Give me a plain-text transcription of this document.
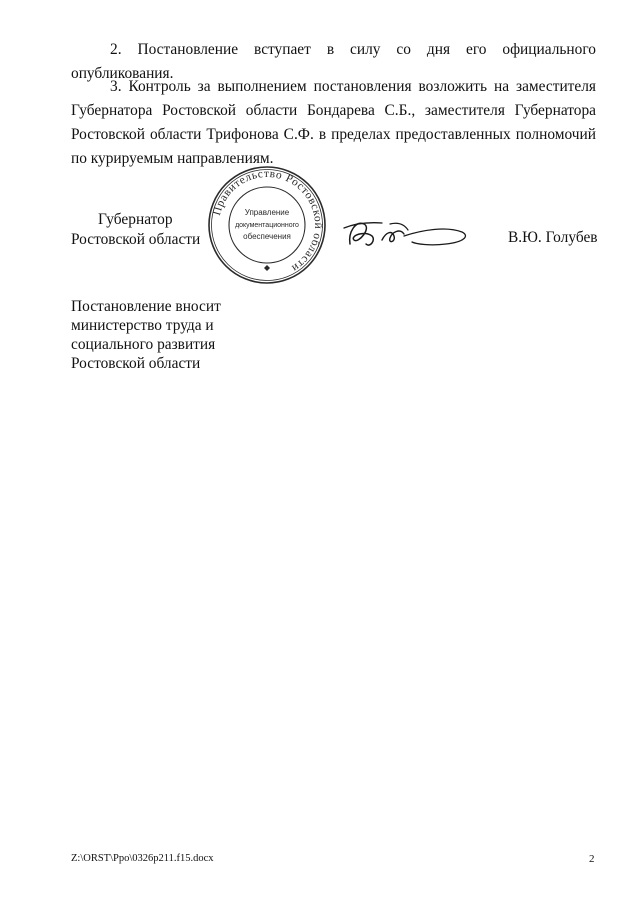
2. Постановление вступает в силу со дня его официального
опубликования.
3. Контроль за выполнением постановления возложить на заместителя
Губернатора Ростовской области Бондарева С.Б., заместителя Губернатора
Ростовской области Трифонова С.Ф. в пределах предоставленных полномочий
по курируемым направлениям.
Губернатор
Ростовской области
Правительство Ростовской области
Управление
документационного
обеспечения	В.Ю. Голубев
Постановление вносит
министерство труда и
социального развития
Ростовской области
Z:\ORST\Ppo\0326p211.f15.docx	2
